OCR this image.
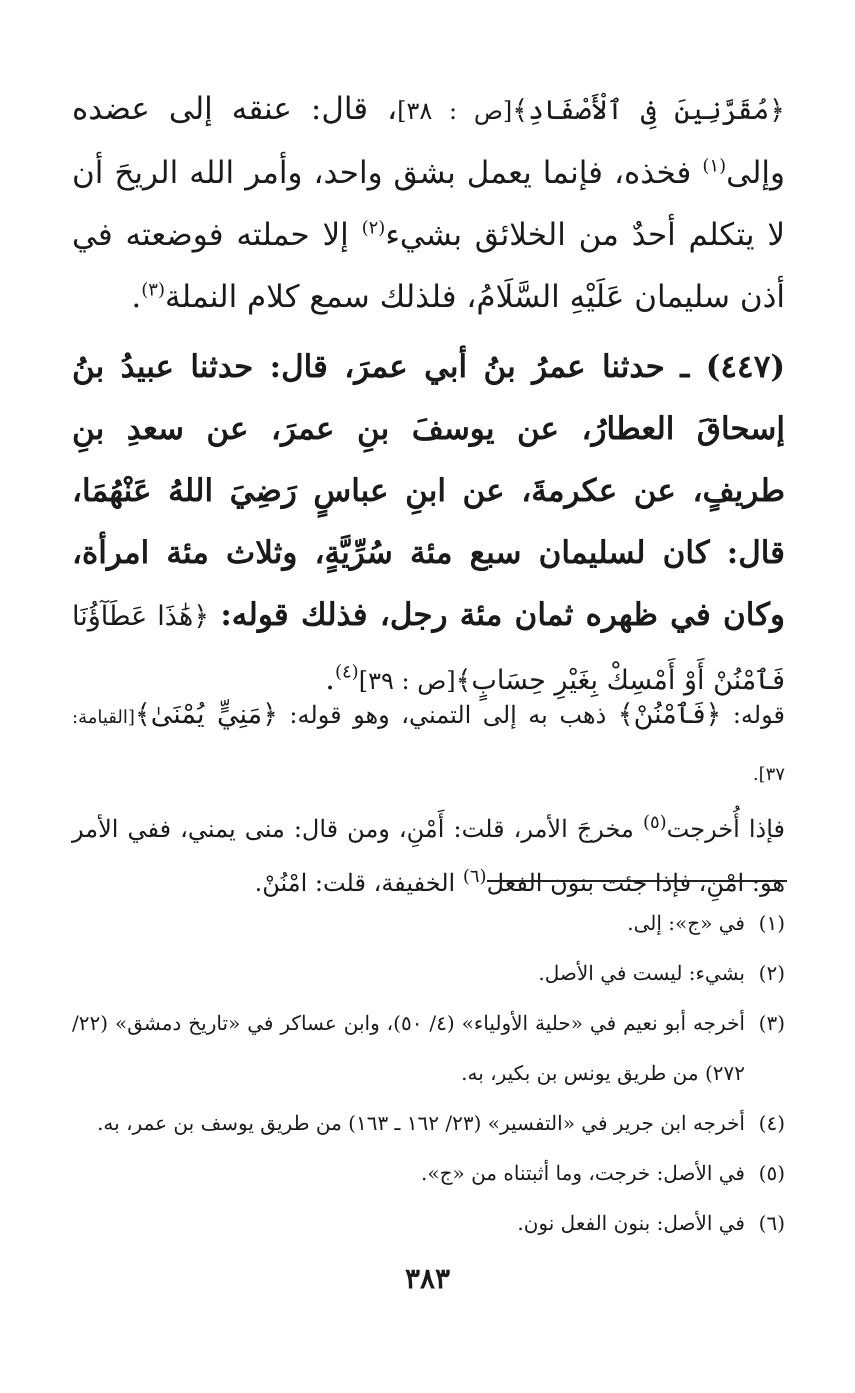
﴿مُقَرَّنِينَ فِى ٱلْأَصْفَادِ﴾[ص : ٣٨]، قال: عنقه إلى عضده وإلى$^{(١)}$ فخذه، فإنما يعمل بشق واحد، وأمر الله الريحَ أن لا يتكلم أحدٌ من الخلائق بشيء$^{(٢)}$ إلا حملته فوضعته في أذن سليمان عَلَيْهِ السَّلَامُ، فلذلك سمع كلام النملة$^{(٣)}$.

(٤٤٧) ـ حدثنا عمرُ بنُ أبي عمرَ، قال: حدثنا عبيدُ بنُ إسحاقَ العطارُ، عن يوسفَ بنِ عمرَ، عن سعدِ بنِ طريفٍ، عن عكرمةَ، عن ابنِ عباسٍ رَضِيَ اللهُ عَنْهُمَا، قال: كان لسليمان سبع مئة سُرِّيَّةٍ، وثلاث مئة امرأة، وكان في ظهره ثمان مئة رجل، فذلك قوله: ﴿هَٰذَا عَطَآؤُنَا فَٱمْنُنْ أَوْ أَمْسِكْ بِغَيْرِ حِسَابٍ﴾[ص : ٣٩]$^{(٤)}$.

قوله: ﴿فَٱمْنُنْ﴾ ذهب به إلى التمني، وهو قوله: ﴿مَنِيٍّ يُمْنَىٰ﴾[القيامة: ٣٧].

فإذا أُخرجت$^{(٥)}$ مخرجَ الأمر، قلت: أَمْنِ، ومن قال: منى يمني، ففي الأمر هو: امْنِ، فإذا جئت بنون الفعل$^{(٦)}$ الخفيفة، قلت: امْنُنْ.

(١)
في «ج»: إلى.
(٢)
بشيء: ليست في الأصل.
(٣)
أخرجه أبو نعيم في «حلية الأولياء» (٤/ ٥٠)، وابن عساكر في «تاريخ دمشق» (٢٢/ ٢٧٢) من طريق يونس بن بكير، به.
(٤)
أخرجه ابن جرير في «التفسير» (٢٣/ ١٦٢ ـ ١٦٣) من طريق يوسف بن عمر، به.
(٥)
في الأصل: خرجت، وما أثبتناه من «ج».
(٦)
في الأصل: بنون الفعل نون.
٣٨٣
